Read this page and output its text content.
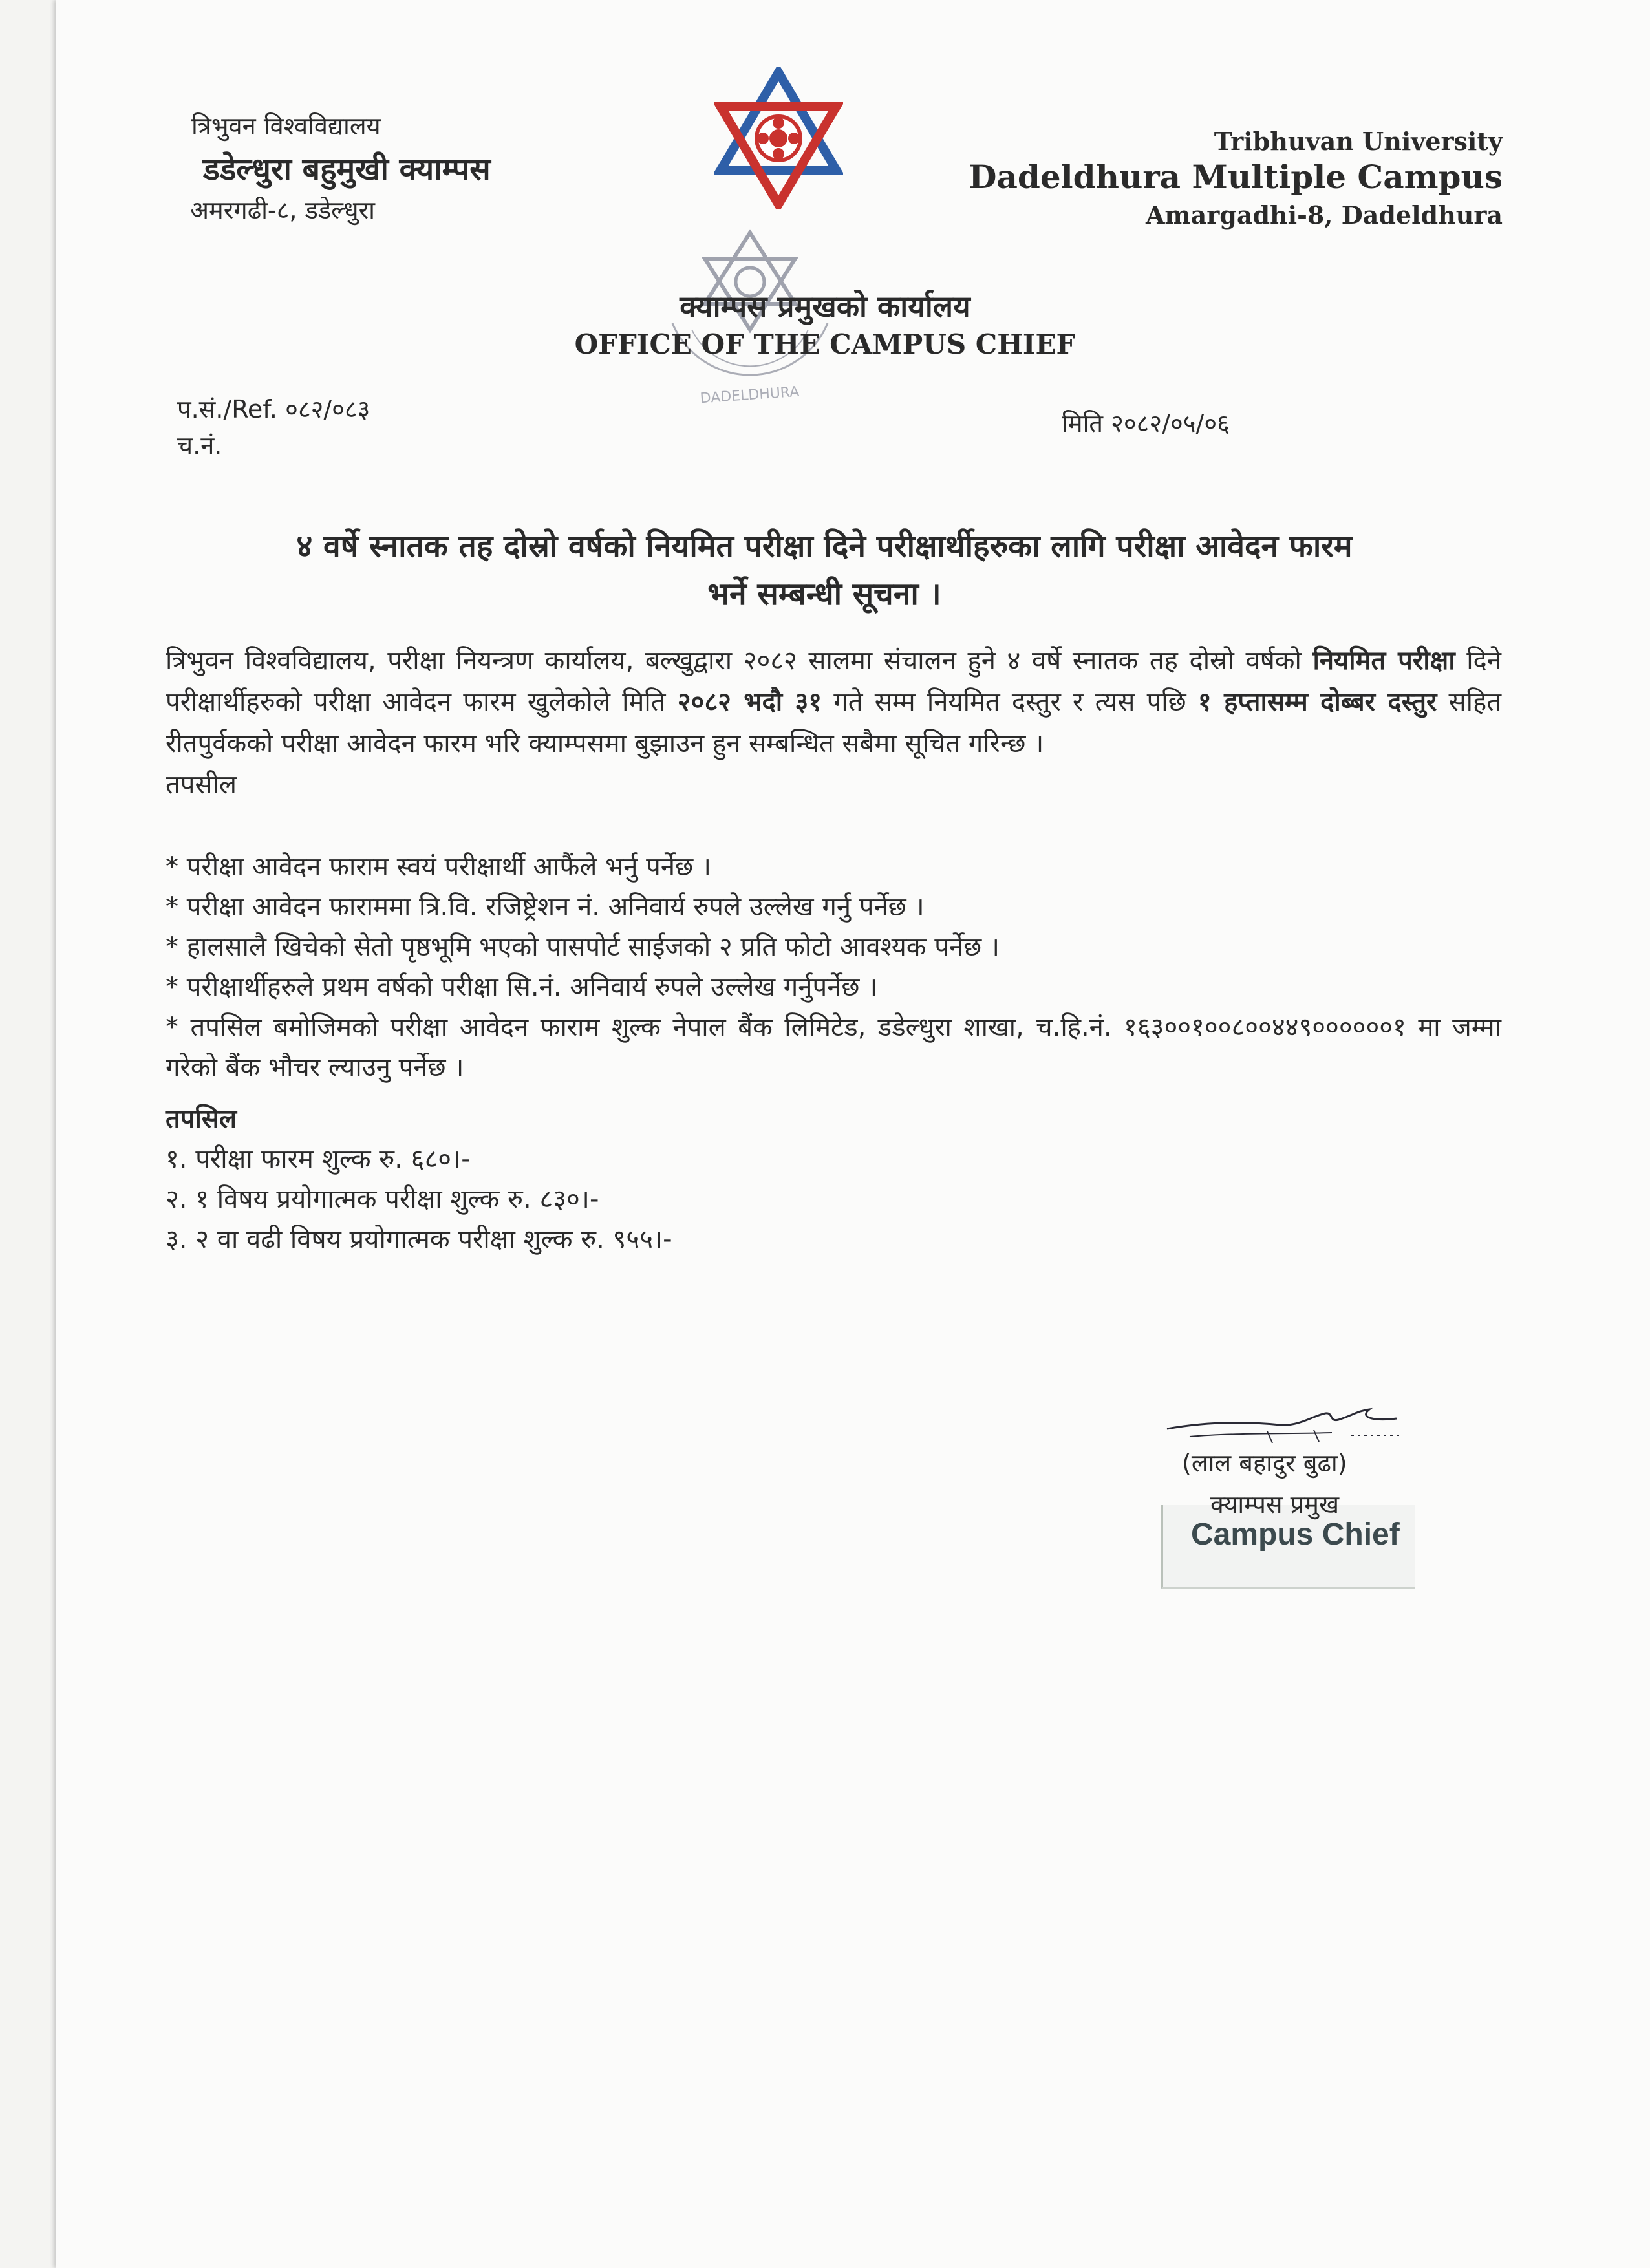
त्रिभुवन विश्वविद्यालय
डडेल्धुरा बहुमुखी क्याम्पस
अमरगढी-८, डडेल्धुरा
Tribhuvan University
Dadeldhura Multiple Campus
Amargadhi-8, Dadeldhura
DADELDHURA
क्याम्पस प्रमुखको कार्यालय
OFFICE OF THE CAMPUS CHIEF
प.सं./Ref. ०८२/०८३
च.नं.
मिति २०८२/०५/०६
४ वर्षे स्नातक तह दोस्रो वर्षको नियमित परीक्षा दिने परीक्षार्थीहरुका लागि परीक्षा आवेदन फारम
भर्ने सम्बन्धी सूचना ।

त्रिभुवन विश्वविद्यालय, परीक्षा नियन्त्रण कार्यालय, बल्खुद्वारा २०८२ सालमा संचालन हुने ४ वर्षे स्नातक तह दोस्रो वर्षको नियमित परीक्षा दिने परीक्षार्थीहरुको परीक्षा आवेदन फारम खुलेकोले मिति २०८२ भदौ ३१ गते सम्म नियमित दस्तुर र त्यस पछि १ हप्तासम्म दोब्बर दस्तुर सहित रीतपुर्वकको परीक्षा आवेदन फारम भरि क्याम्पसमा बुझाउन हुन सम्बन्धित सबैमा सूचित गरिन्छ ।

तपसील

* परीक्षा आवेदन फाराम स्वयं परीक्षार्थी आफैंले भर्नु पर्नेछ ।

* परीक्षा आवेदन फाराममा त्रि.वि. रजिष्ट्रेशन नं. अनिवार्य रुपले उल्लेख गर्नु पर्नेछ ।

* हालसालै खिचेको सेतो पृष्ठभूमि भएको पासपोर्ट साईजको २ प्रति फोटो आवश्यक पर्नेछ ।

* परीक्षार्थीहरुले प्रथम वर्षको परीक्षा सि.नं. अनिवार्य रुपले उल्लेख गर्नुपर्नेछ ।

* तपसिल बमोजिमको परीक्षा आवेदन फाराम शुल्क नेपाल बैंक लिमिटेड, डडेल्धुरा शाखा, च.हि.नं. १६३००१००८००४४९००००००१ मा जम्मा गरेको बैंक भौचर ल्याउनु पर्नेछ ।

तपसिल

१. परीक्षा फारम शुल्क रु. ६८०।-

२. १ विषय प्रयोगात्मक परीक्षा शुल्क रु. ८३०।-

३. २ वा वढी विषय प्रयोगात्मक परीक्षा शुल्क रु. ९५५।-

(लाल बहादुर बुढा)
क्याम्पस प्रमुख
Campus Chief
